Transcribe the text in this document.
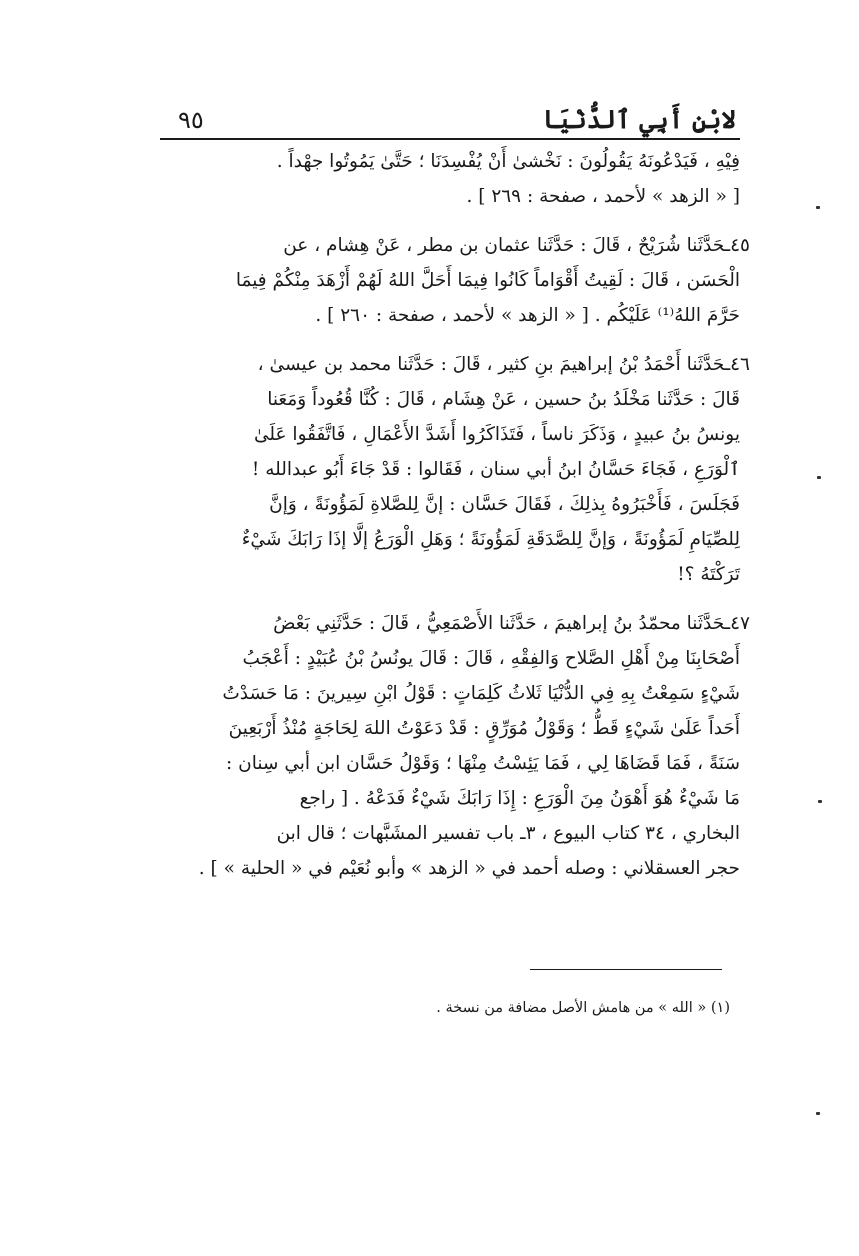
لابْنِ أَبِي ٱلدُّنْيَا
٩٥
فِيْهِ ، فَيَدْعُونَهُ يَقُولُونَ : نَخْشىٰ أَنْ يُفْسِدَنَا ؛ حَتَّىٰ يَمُوتُوا جهْداً .
[ « الزهد » لأحمد ، صفحة : ٢٦٩ ] .
٤٥ـحَدَّثَنا شُرَيْحٌ ، قَالَ : حَدَّثَنا عثمان بن مطر ، عَنْ هِشام ، عن
الْحَسَن ، قَالَ : لَقِيتُ أَقْوَاماً كَانُوا فِيمَا أَحَلَّ اللهُ لَهُمْ أَزْهَدَ مِنْكُمْ فِيمَا
حَرَّمَ اللهُ⁽¹⁾ عَلَيْكُم . [ « الزهد » لأحمد ، صفحة : ٢٦٠ ] .
٤٦ـحَدَّثَنا أَحْمَدُ بْنُ إبراهيمَ بنِ كثير ، قَالَ : حَدَّثَنا محمد بن عيسىٰ ،
قَالَ : حَدَّثَنا مَخْلَدُ بنُ حسين ، عَنْ هِشَام ، قَالَ : كُنَّا قُعُوداً وَمَعَنا
يونسُ بنُ عبيدٍ ، وَذَكَرَ ناساً ، فَتَذَاكَرُوا أَشَدَّ الأَعْمَالِ ، فَاتَّفَقُوا عَلَىٰ
ٱلْوَرَعِ ، فَجَاءَ حَسَّانُ ابنُ أبي سنان ، فَقَالوا : قَدْ جَاءَ أَبُو عبدالله !
فَجَلَسَ ، فَأَخْبَرُوهُ بِذلِكَ ، فَقَالَ حَسَّان : إنَّ لِلصَّلاةِ لَمَؤُونَةً ، وَإنَّ
لِلصِّيَامِ لَمَؤُونَةً ، وَإنَّ لِلصَّدَقَةِ لَمَؤُونَةً ؛ وَهَلِ الْوَرَعُ إلَّا إذَا رَابَكَ شَيْءٌ
تَرَكْتَهُ ؟!
٤٧ـحَدَّثَنا محمّدُ بنُ إبراهيمَ ، حَدَّثَنا الأَصْمَعِيُّ ، قَالَ : حَدَّثَنِي بَعْضُ
أَصْحَابِنَا مِنْ أَهْلِ الصَّلاح وَالفِقْهِ ، قَالَ : قَالَ يونُسُ بْنُ عُبَيْدٍ : أَعْجَبُ
شَيْءٍ سَمِعْتُ بِهِ فِي الدُّنْيَا ثَلاثُ كَلِمَاتٍ : قَوْلُ ابْنِ سِيرينَ : مَا حَسَدْتُ
أَحَداً عَلَىٰ شَيْءٍ قَطُّ ؛ وَقَوْلُ مُوَرِّقٍ : قَدْ دَعَوْتُ اللهَ لِحَاجَةٍ مُنْذُ أَرْبَعِينَ
سَنَةً ، فَمَا قَضَاهَا لِي ، فَمَا يَئِسْتُ مِنْهَا ؛ وَقَوْلُ حَسَّان ابن أبي سِنان :
مَا شَيْءٌ هُوَ أَهْوَنُ مِنَ الْوَرَعِ : إِذَا رَابَكَ شَيْءٌ فَدَعْهُ . [ راجع
البخاري ، ٣٤ كتاب البيوع ، ٣ـ باب تفسير المشَبَّهات ؛ قال ابن
حجر العسقلاني : وصله أحمد في « الزهد » وأبو نُعَيْم في « الحلية » ] .
(١) « الله » من هامش الأصل مضافة من نسخة .
